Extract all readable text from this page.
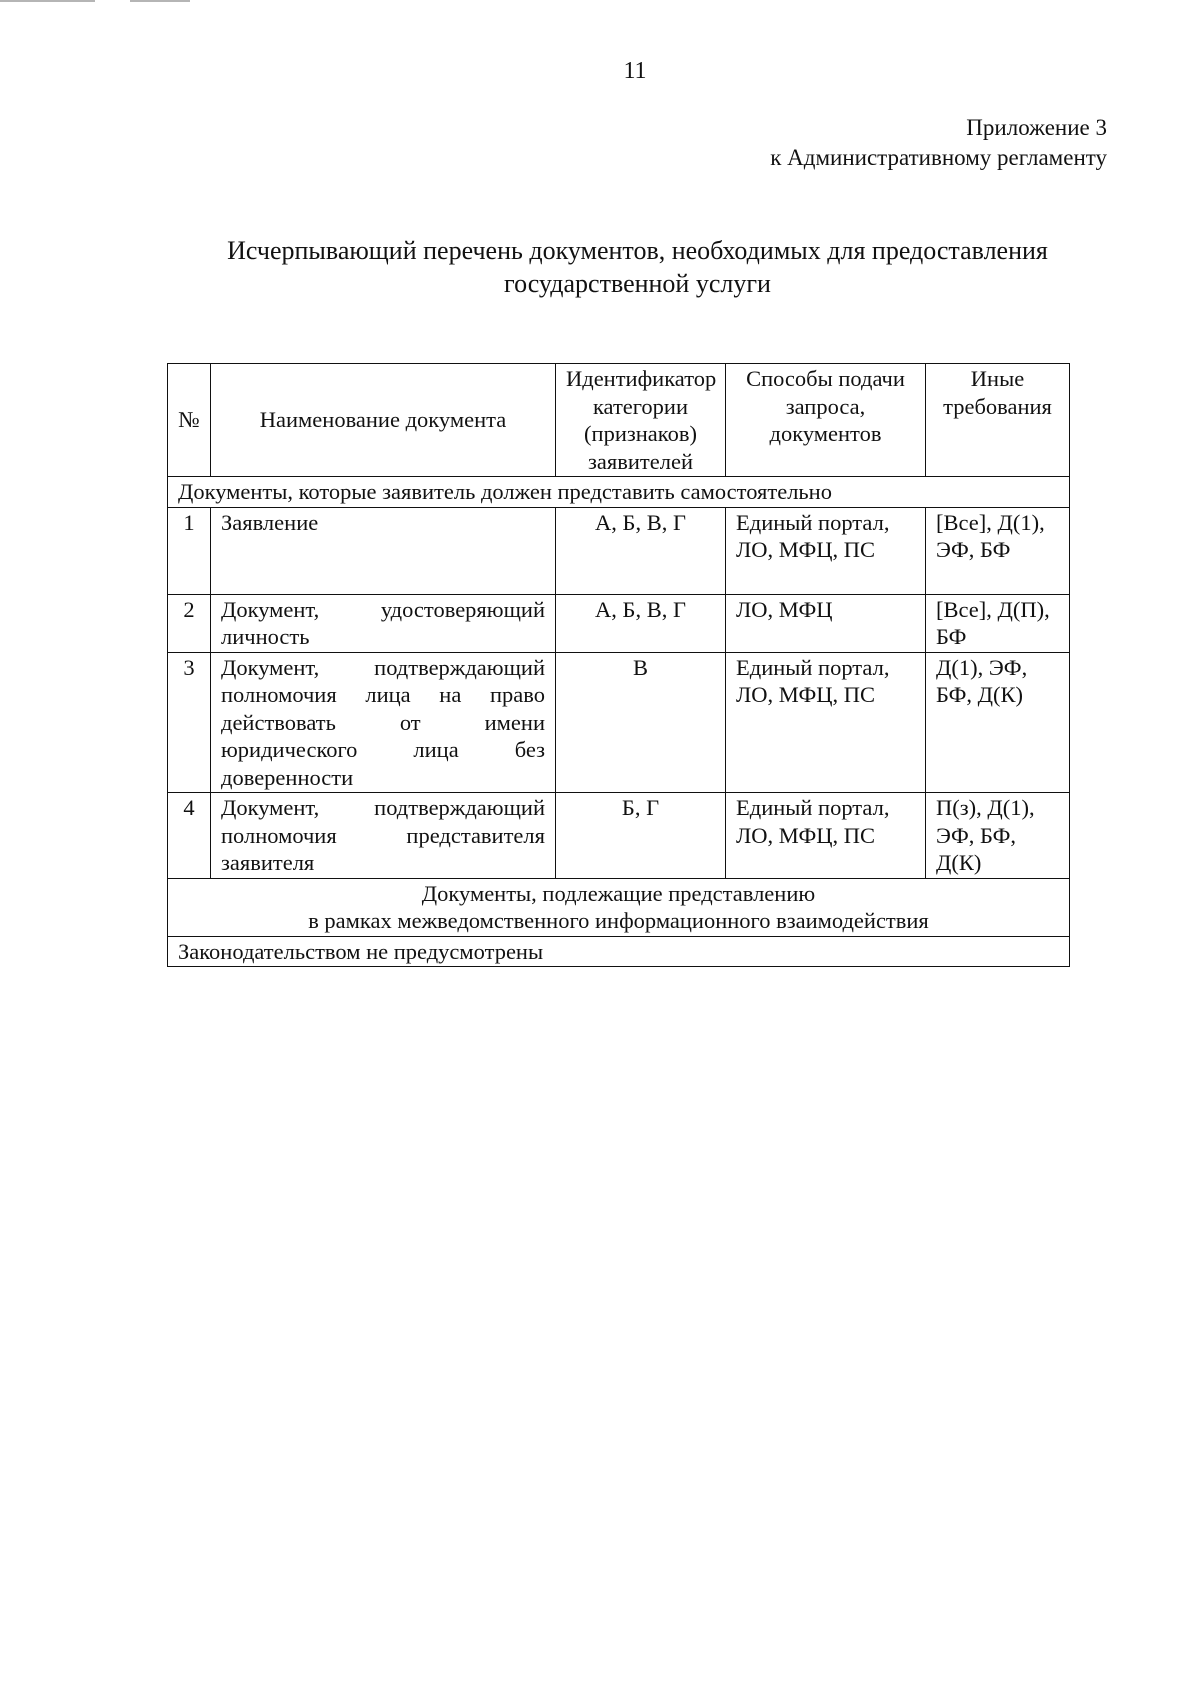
11
Приложение 3
к Административному регламенту
Исчерпывающий перечень документов, необходимых для предоставления
государственной услуги
№	Наименование документа	Идентификатор категории (признаков) заявителей	Способы подачи запроса, документов	Иные требования
Документы, которые заявитель должен представить самостоятельно				
1	Заявление	А, Б, В, Г	Единый портал, ЛО, МФЦ, ПС	[Все], Д(1), ЭФ, БФ
2	Документ, удостоверяющий личность	А, Б, В, Г	ЛО, МФЦ	[Все], Д(П), БФ
3	Документ, подтверждающий полномочия лица на право действовать от имени юридического лица без доверенности	В	Единый портал, ЛО, МФЦ, ПС	Д(1), ЭФ, БФ, Д(К)
4	Документ, подтверждающий полномочия представителя заявителя	Б, Г	Единый портал, ЛО, МФЦ, ПС	П(з), Д(1), ЭФ, БФ, Д(К)

Документы, подлежащие представлению
в рамках межведомственного информационного взаимодействия				

Законодательством не предусмотрены				
